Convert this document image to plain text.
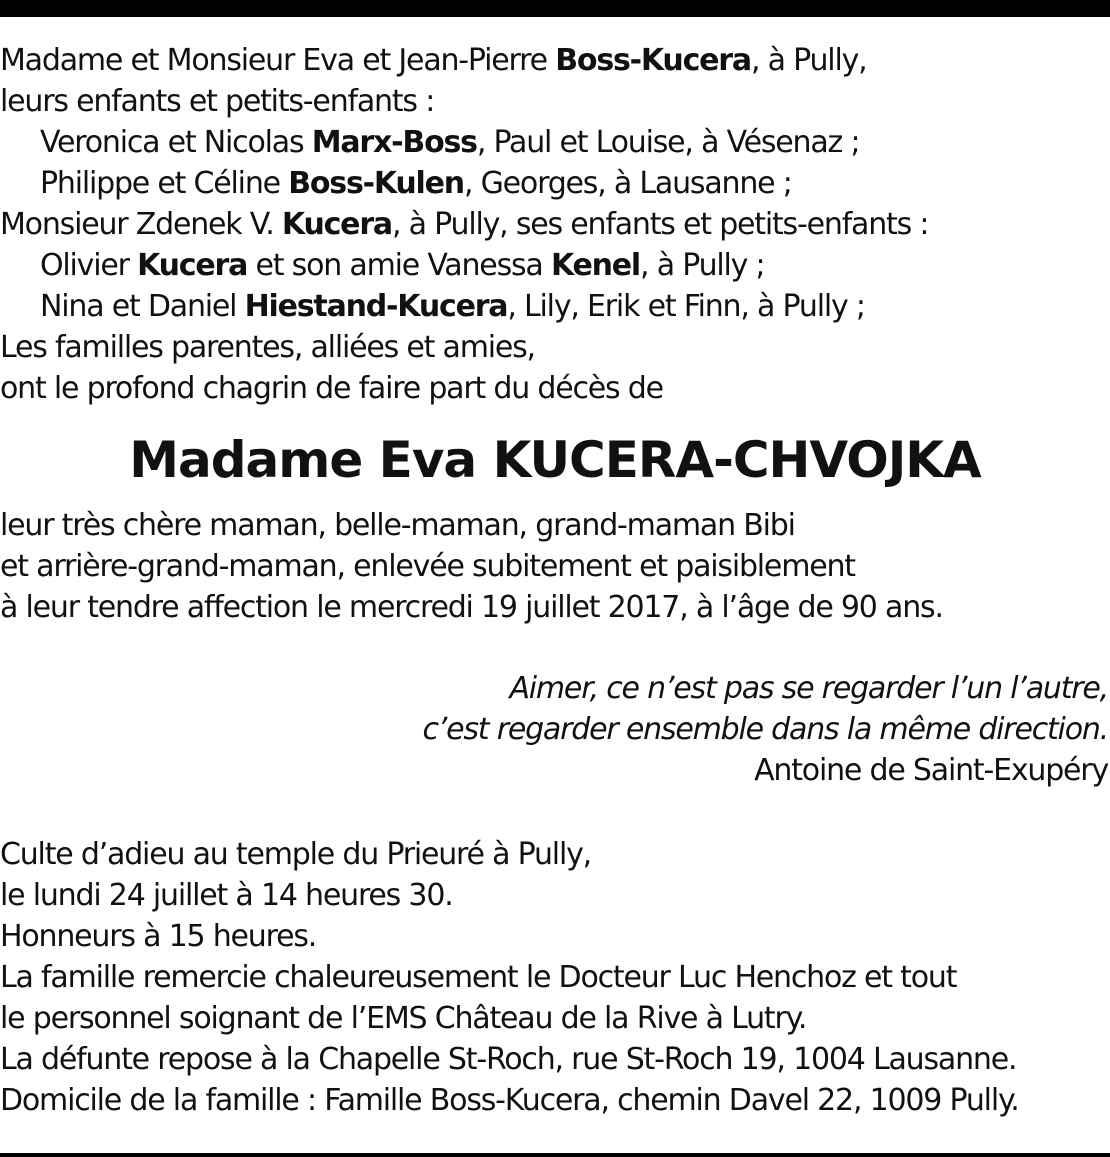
Madame et Monsieur Eva et Jean-Pierre Boss-Kucera, à Pully,
leurs enfants et petits-enfants :
Veronica et Nicolas Marx-Boss, Paul et Louise, à Vésenaz ;
Philippe et Céline Boss-Kulen, Georges, à Lausanne ;
Monsieur Zdenek V. Kucera, à Pully, ses enfants et petits-enfants :
Olivier Kucera et son amie Vanessa Kenel, à Pully ;
Nina et Daniel Hiestand-Kucera, Lily, Erik et Finn, à Pully ;
Les familles parentes, alliées et amies,
ont le profond chagrin de faire part du décès de
Madame Eva KUCERA-CHVOJKA
leur très chère maman, belle-maman, grand-maman Bibi
et arrière-grand-maman, enlevée subitement et paisiblement
à leur tendre affection le mercredi 19 juillet 2017, à l’âge de 90 ans.
Aimer, ce n’est pas se regarder l’un l’autre,
c’est regarder ensemble dans la même direction.
Antoine de Saint-Exupéry
Culte d’adieu au temple du Prieuré à Pully,
le lundi 24 juillet à 14 heures 30.
Honneurs à 15 heures.
La famille remercie chaleureusement le Docteur Luc Henchoz et tout
le personnel soignant de l’EMS Château de la Rive à Lutry.
La défunte repose à la Chapelle St-Roch, rue St-Roch 19, 1004 Lausanne.
Domicile de la famille : Famille Boss-Kucera, chemin Davel 22, 1009 Pully.
